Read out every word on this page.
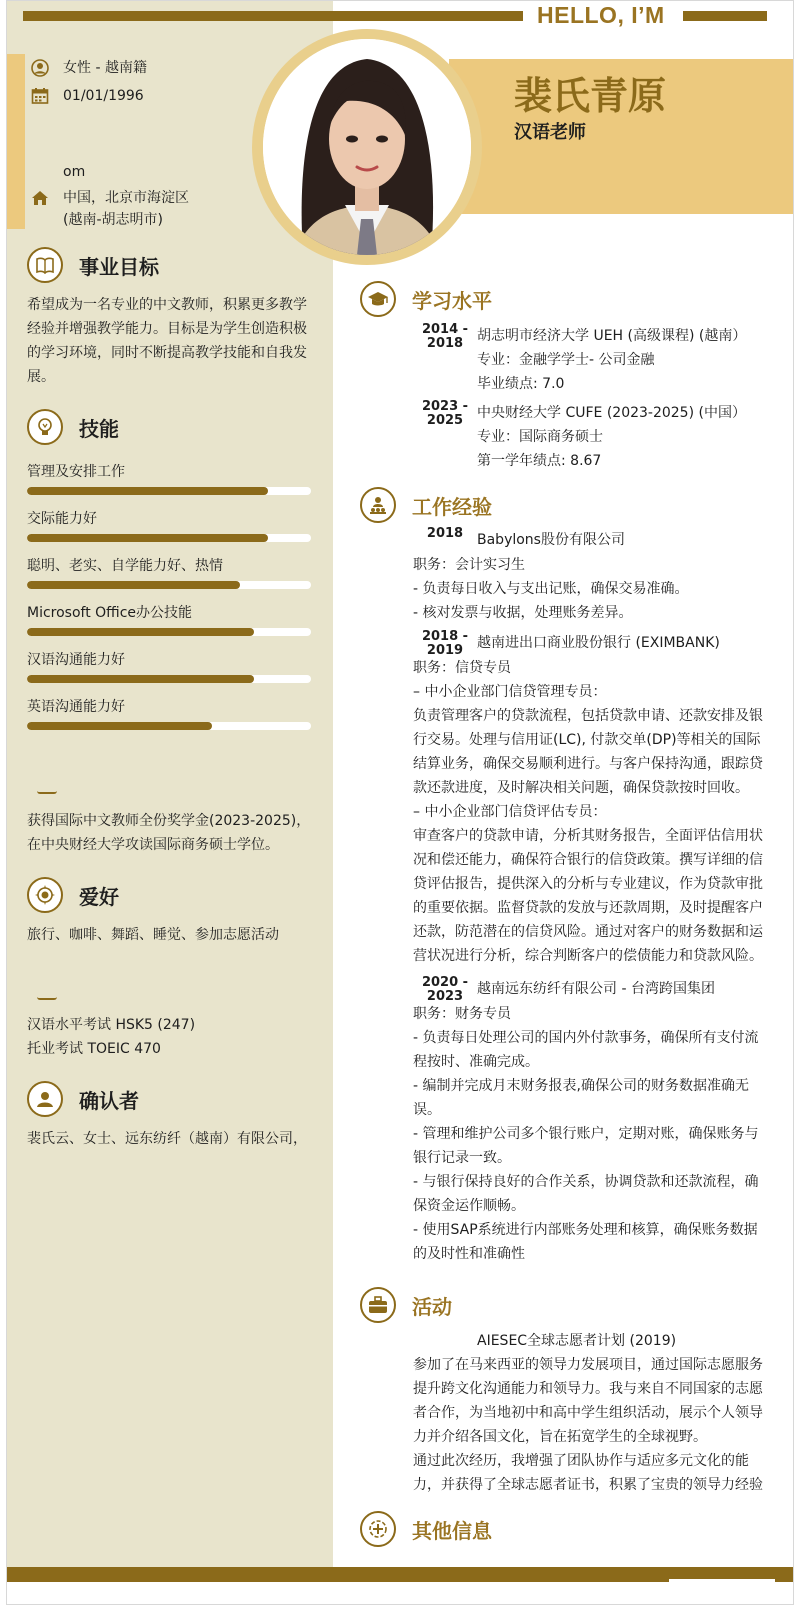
HELLO, I’M
裴氏青原
汉语老师
女性 - 越南籍
01/01/1996
om
中国，北京市海淀区
(越南-胡志明市)
事业目标
希望成为一名专业的中文教师，积累更多教学经验并增强教学能力。目标是为学生创造积极的学习环境，同时不断提高教学技能和自我发展。
技能
管理及安排工作
交际能力好
聪明、老实、自学能力好、热情
Microsoft Office办公技能
汉语沟通能力好
英语沟通能力好
获得国际中文教师全份奖学金(2023-2025)，在中央财经大学攻读国际商务硕士学位。
爱好
旅行、咖啡、舞蹈、睡觉、参加志愿活动
汉语水平考试 HSK5 (247)
托业考试 TOEIC 470
确认者
裴氏云、女士、远东纺纤（越南）有限公司，
学习水平
2014 -
2018 胡志明市经济大学 UEH (高级课程) (越南）
专业：金融学学士- 公司金融
毕业绩点: 7.0
2023 -
2025 中央财经大学 CUFE (2023-2025) (中国）
专业：国际商务硕士
第一学年绩点: 8.67
工作经验
2018 Babylons股份有限公司
职务：会计实习生
- 负责每日收入与支出记账，确保交易准确。
- 核对发票与收据，处理账务差异。
2018 -
2019 越南进出口商业股份银行 (EXIMBANK)
职务：信贷专员
– 中小企业部门信贷管理专员：
负责管理客户的贷款流程，包括贷款申请、还款安排及银
行交易。处理与信用证(LC), 付款交单(DP)等相关的国际
结算业务，确保交易顺利进行。与客户保持沟通，跟踪贷
款还款进度，及时解决相关问题，确保贷款按时回收。
– 中小企业部门信贷评估专员：
审查客户的贷款申请，分析其财务报告，全面评估信用状
况和偿还能力，确保符合银行的信贷政策。撰写详细的信
贷评估报告，提供深入的分析与专业建议，作为贷款审批
的重要依据。监督贷款的发放与还款周期，及时提醒客户
还款，防范潜在的信贷风险。通过对客户的财务数据和运
营状况进行分析，综合判断客户的偿债能力和贷款风险。
2020 -
2023 越南远东纺纤有限公司 - 台湾跨国集团
职务：财务专员
- 负责每日处理公司的国内外付款事务，确保所有支付流
程按时、准确完成。
- 编制并完成月末财务报表,确保公司的财务数据准确无
误。
- 管理和维护公司多个银行账户，定期对账，确保账务与
银行记录一致。
- 与银行保持良好的合作关系，协调贷款和还款流程，确
保资金运作顺畅。
- 使用SAP系统进行内部账务处理和核算，确保账务数据
的及时性和准确性
活动
AIESEC全球志愿者计划 (2019)
参加了在马来西亚的领导力发展项目，通过国际志愿服务
提升跨文化沟通能力和领导力。我与来自不同国家的志愿
者合作，为当地初中和高中学生组织活动，展示个人领导
力并介绍各国文化，旨在拓宽学生的全球视野。
通过此次经历，我增强了团队协作与适应多元文化的能
力，并获得了全球志愿者证书，积累了宝贵的领导力经验
其他信息
